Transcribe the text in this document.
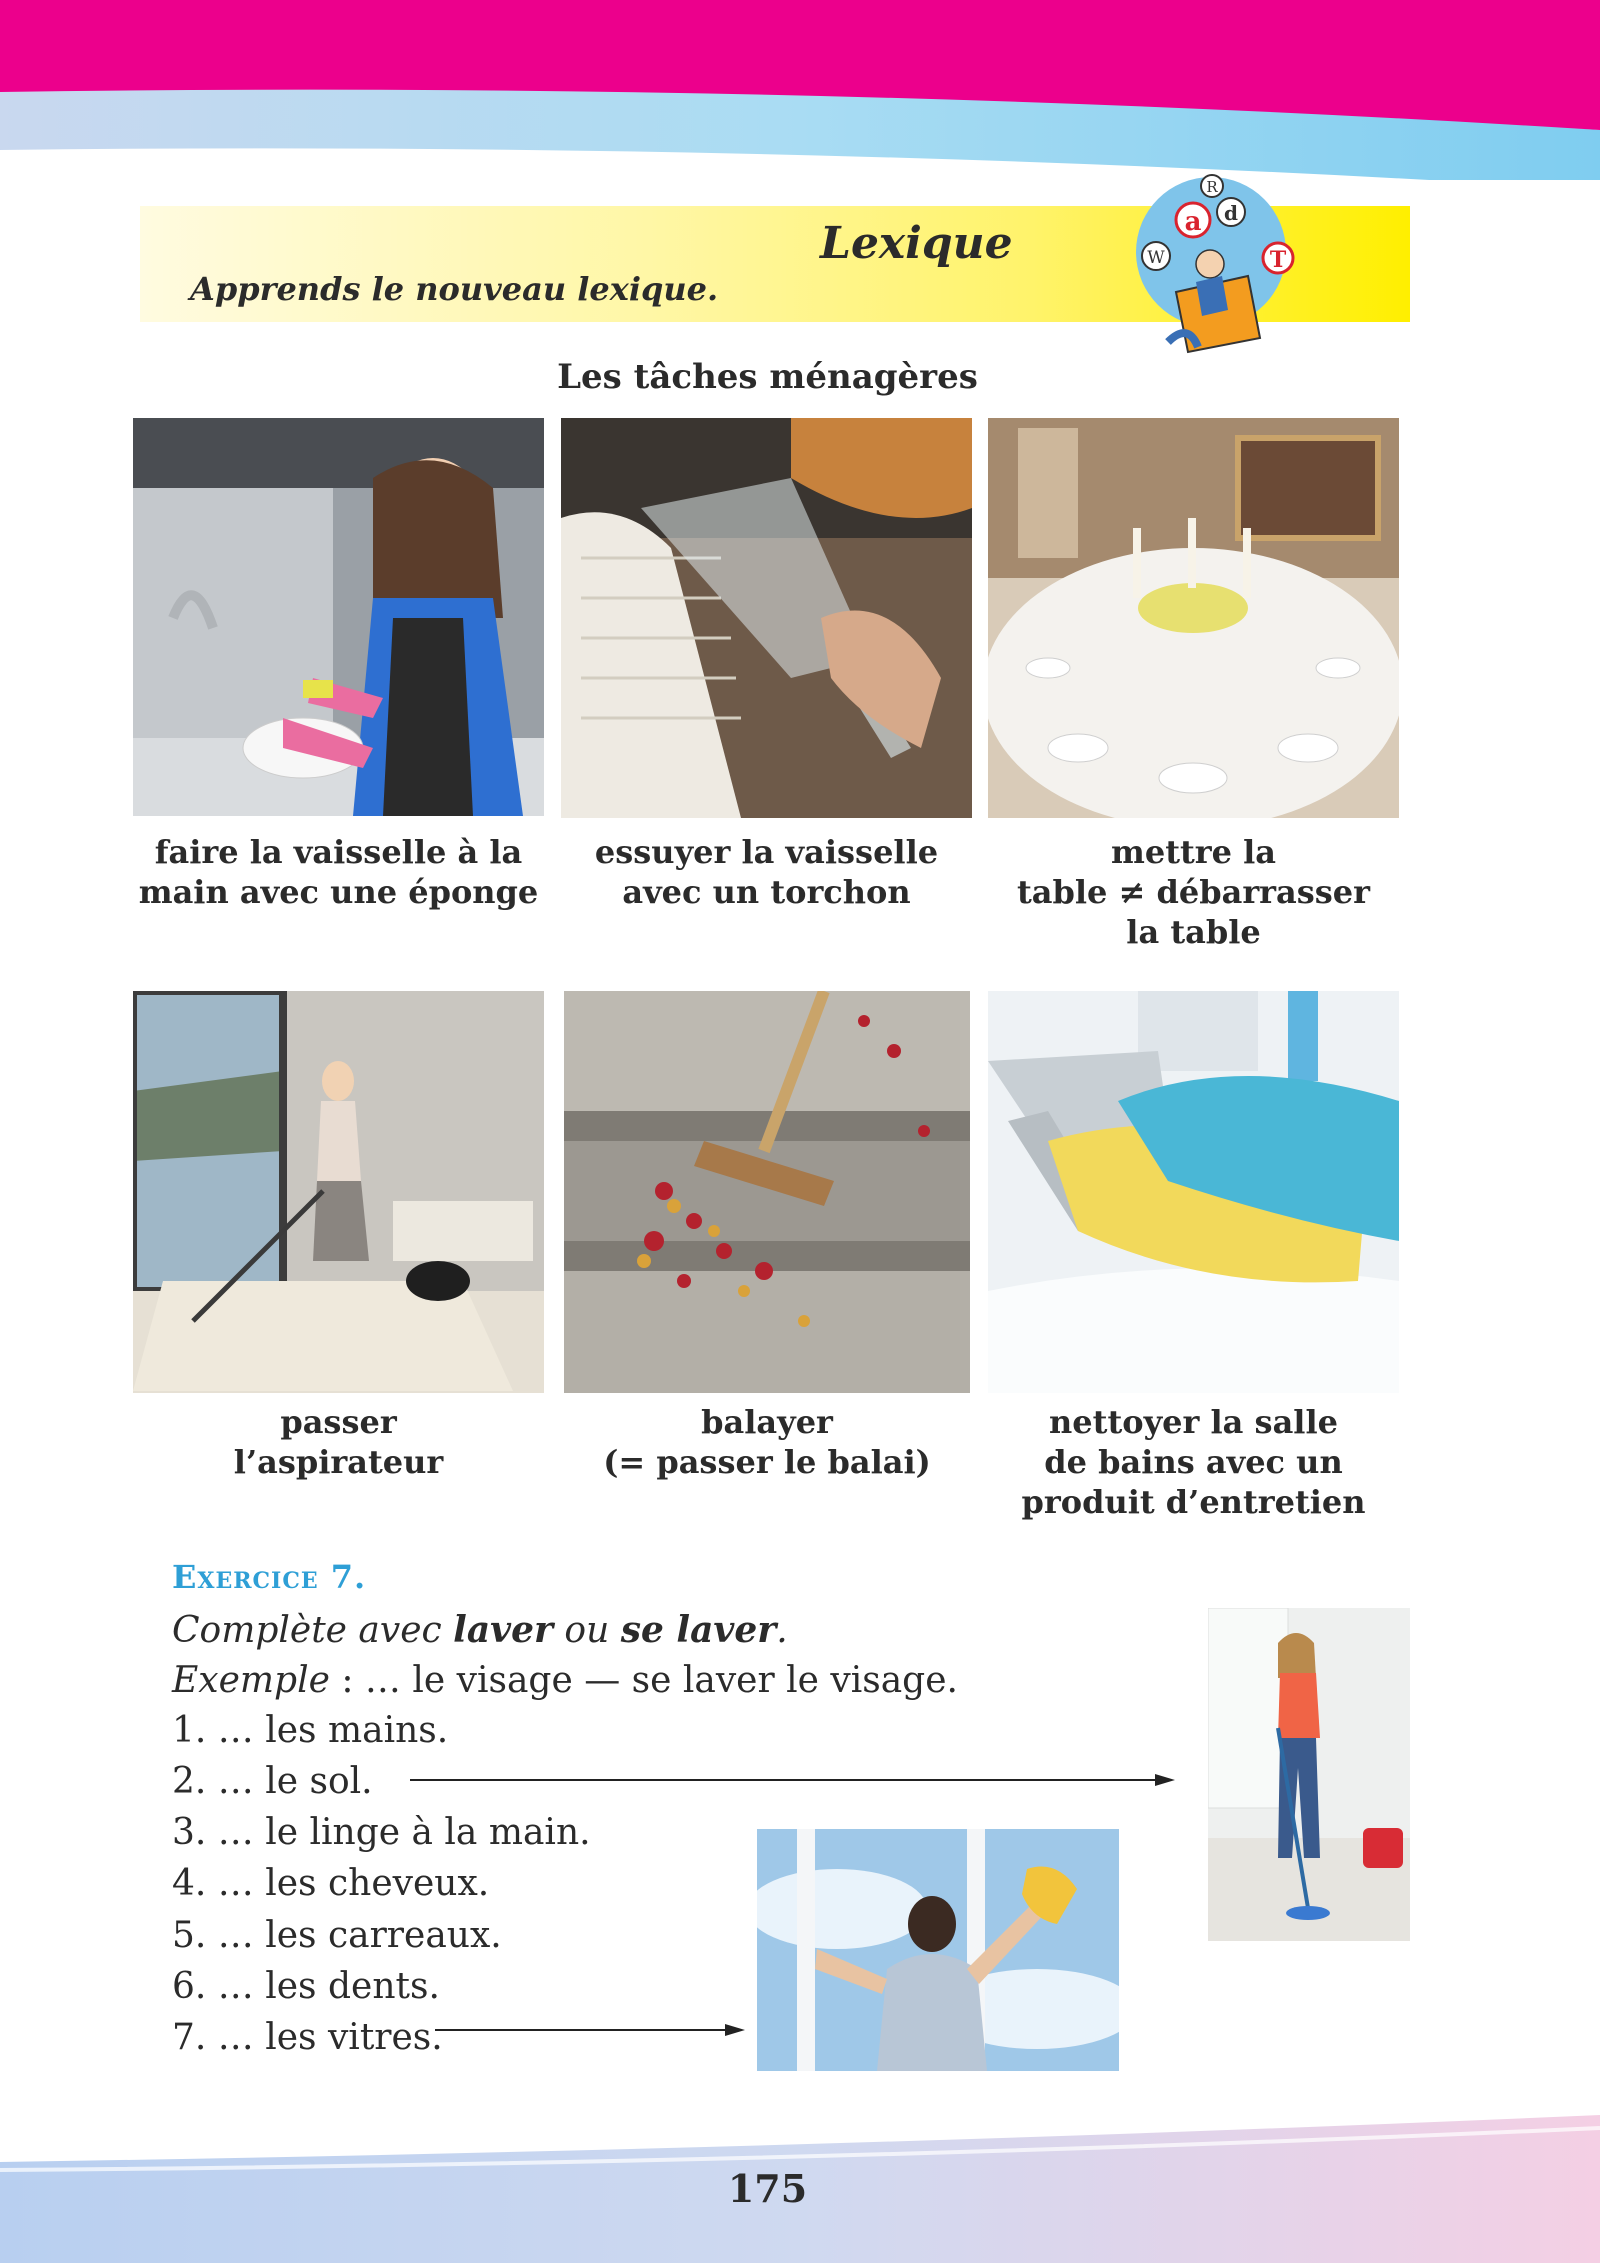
Lexique
Apprends le nouveau lexique.
a d
R
T
W
Les tâches ménagères
faire la vaisselle à la
main avec une éponge
essuyer la vaisselle
avec un torchon
mettre la
table ≠ débarrasser
la table
passer
l’aspirateur
balayer
(= passer le balai)
nettoyer la salle
de bains avec un
produit d’entretien
Exercice 7.
Complète avec laver ou se laver.
Exemple : … le visage — se laver le visage.
1. … les mains.
2. … le sol.
3. … le linge à la main.
4. … les cheveux.
5. … les carreaux.
6. … les dents.
7. … les vitres.
175
